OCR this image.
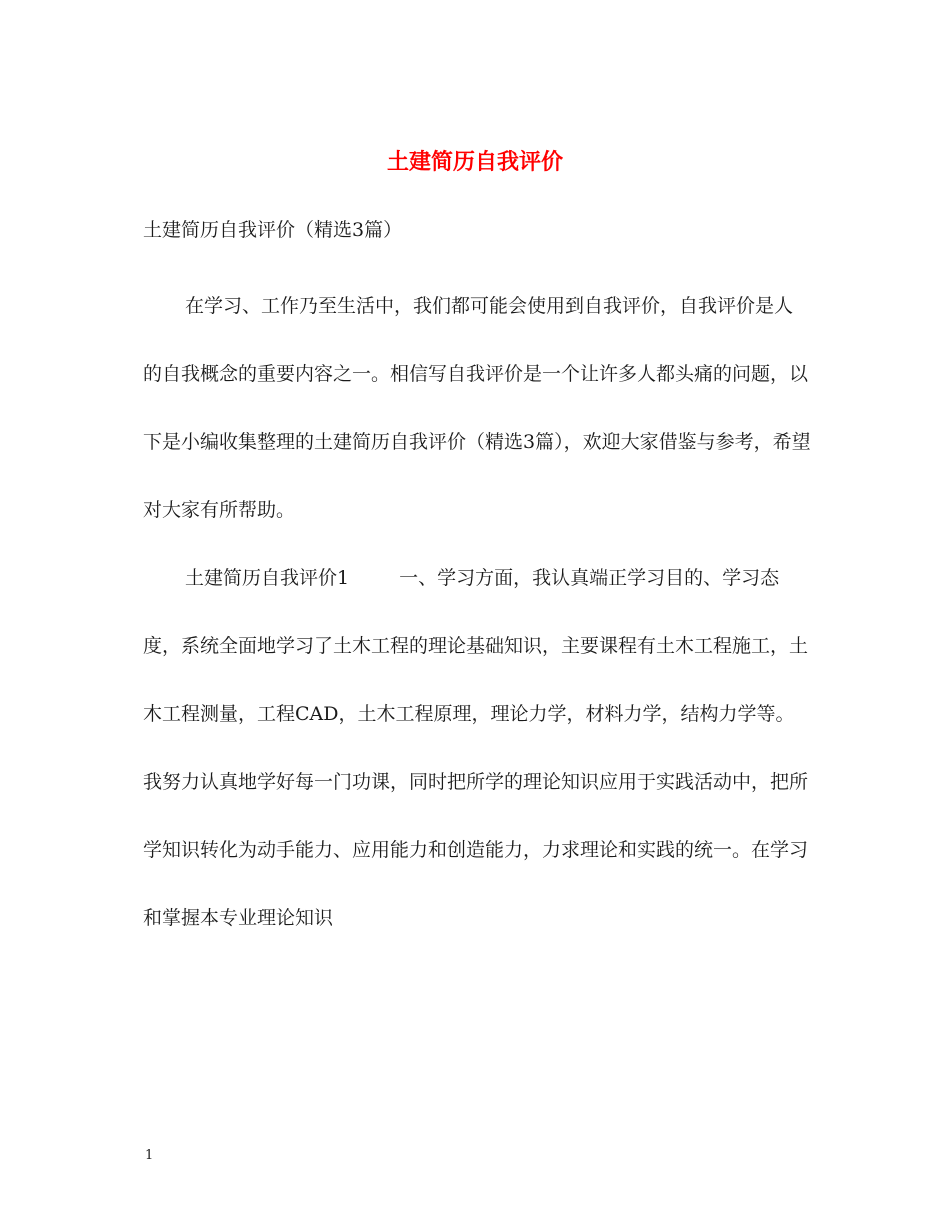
土建简历自我评价

土建简历自我评价（精选3篇）

在学习、工作乃至生活中，我们都可能会使用到自我评价，自我评价是人的自我概念的重要内容之一。相信写自我评价是一个让许多人都头痛的问题，以下是小编收集整理的土建简历自我评价（精选3篇），欢迎大家借鉴与参考，希望对大家有所帮助。

土建简历自我评价1	一、学习方面，我认真端正学习目的、学习态度，系统全面地学习了土木工程的理论基础知识，主要课程有土木工程施工，土木工程测量，工程CAD，土木工程原理，理论力学，材料力学，结构力学等。我努力认真地学好每一门功课，同时把所学的理论知识应用于实践活动中，把所学知识转化为动手能力、应用能力和创造能力，力求理论和实践的统一。在学习和掌握本专业理论知识

1
